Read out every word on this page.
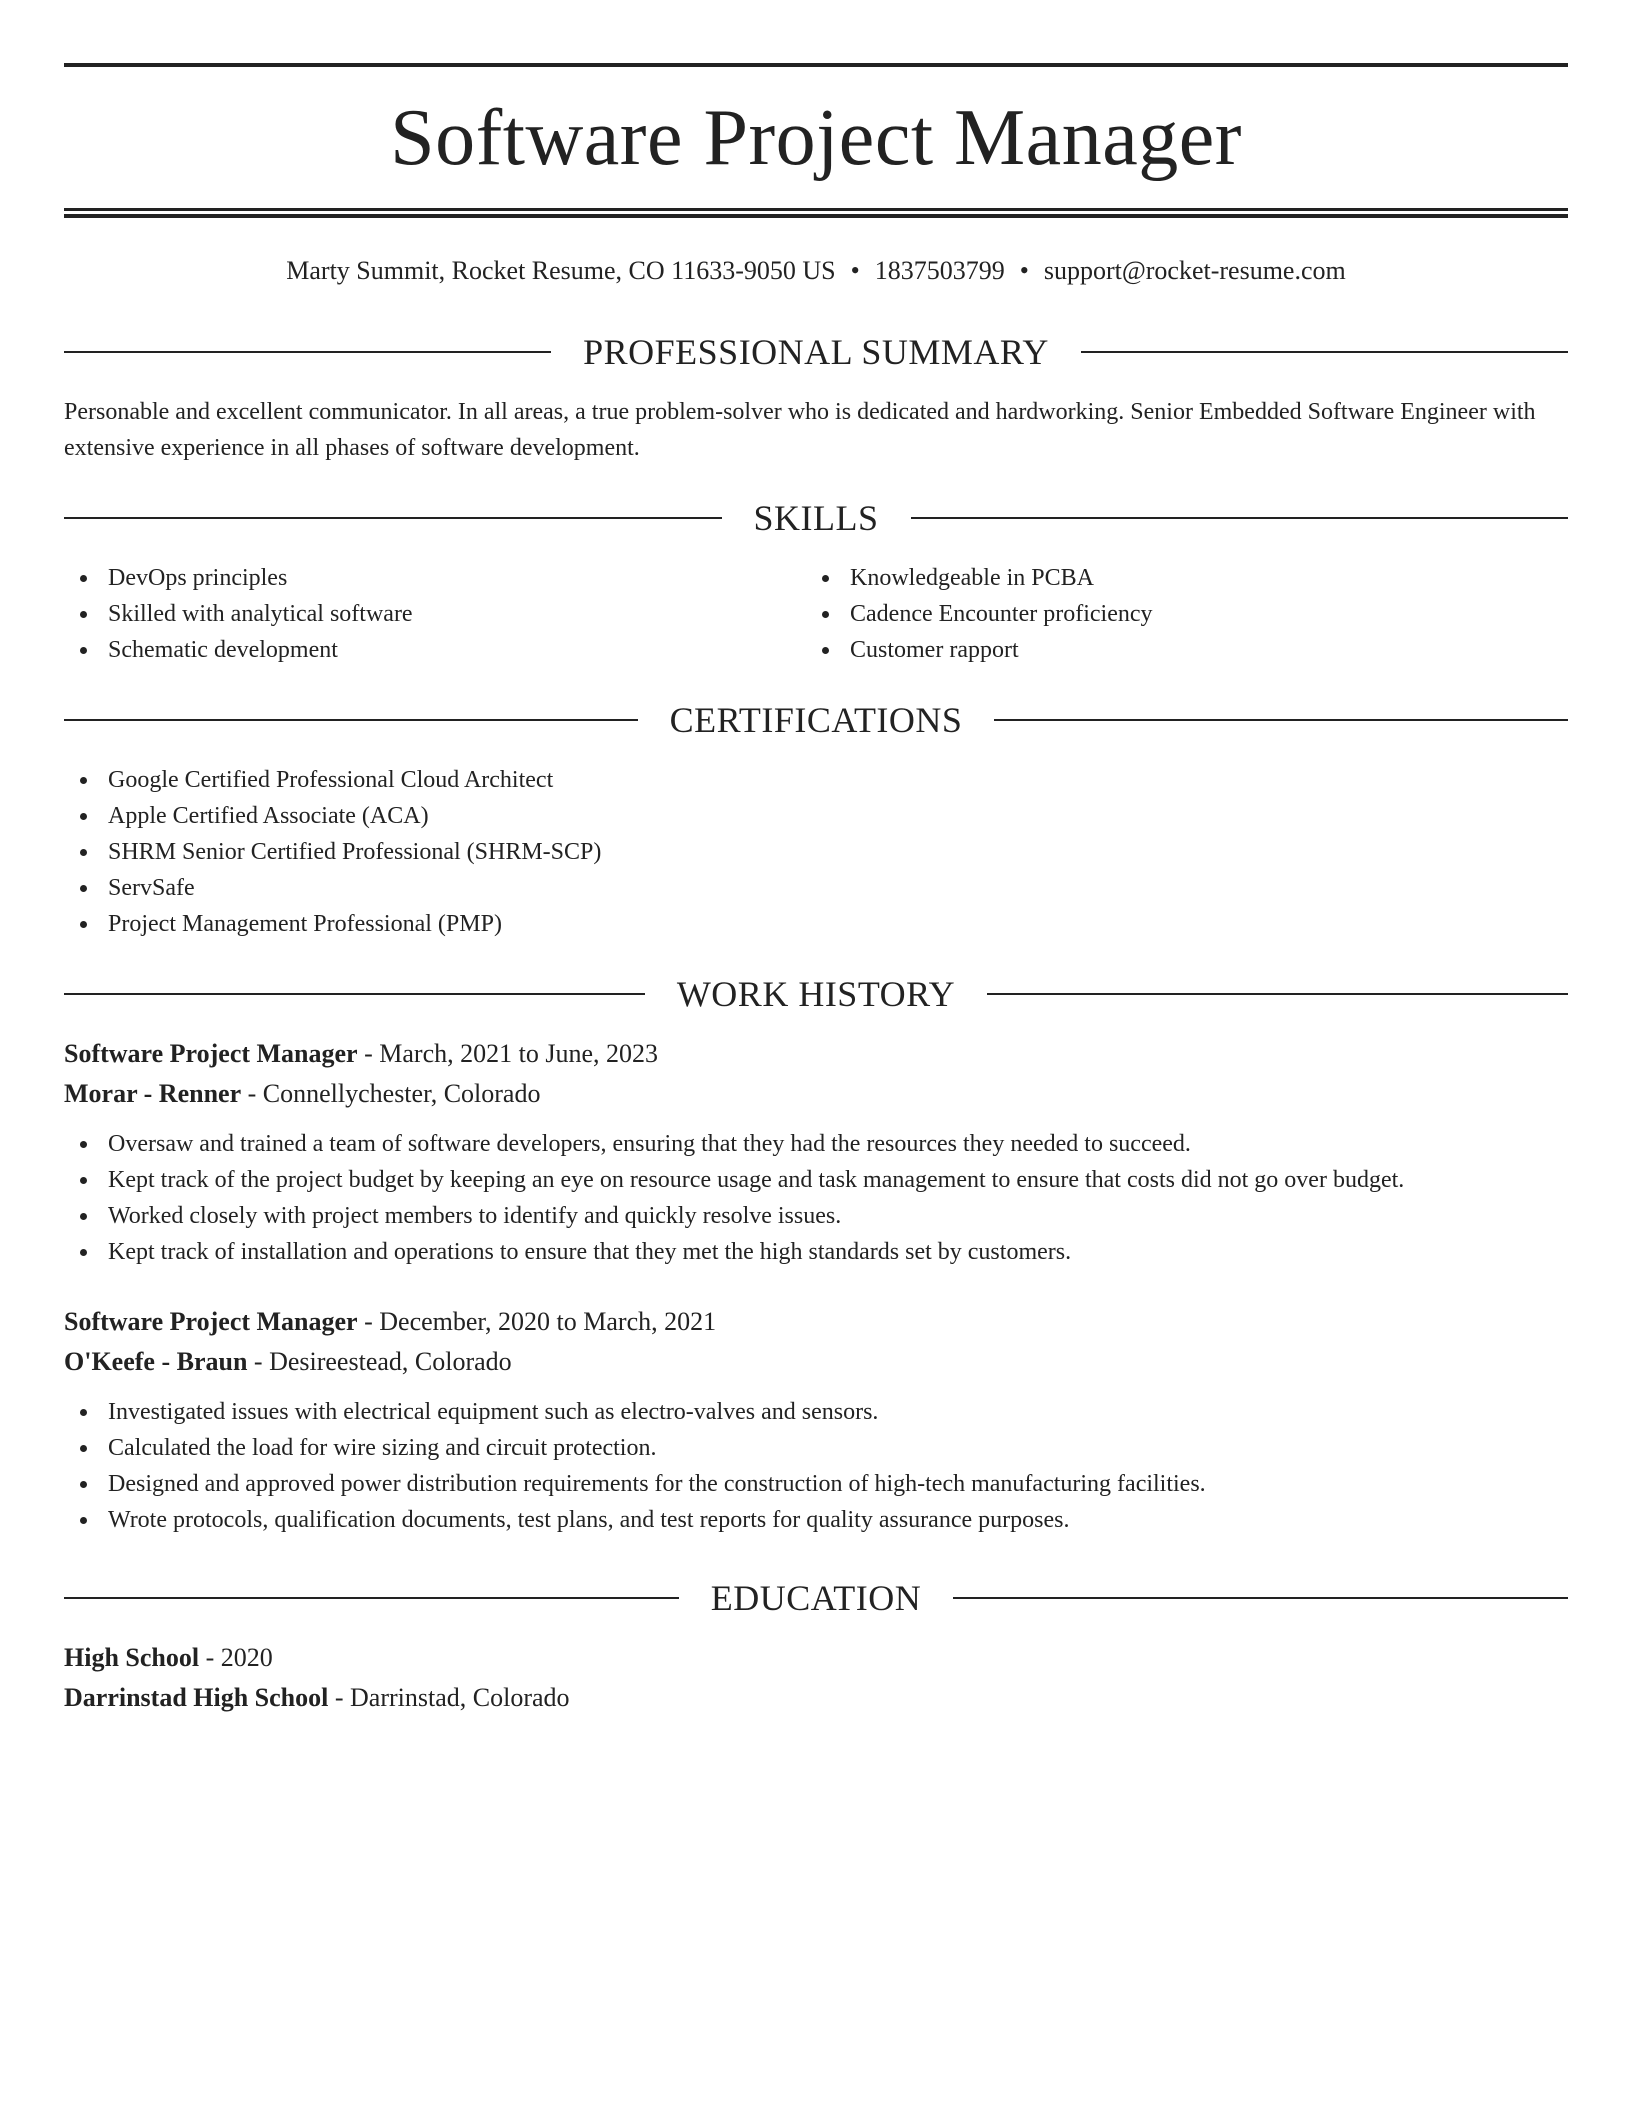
Software Project Manager
Marty Summit, Rocket Resume, CO 11633-9050 US • 1837503799 • support@rocket-resume.com
PROFESSIONAL SUMMARY

Personable and excellent communicator. In all areas, a true problem-solver who is dedicated and hardworking. Senior Embedded Software Engineer with extensive experience in all phases of software development.

SKILLS
DevOps principles
Skilled with analytical software
Schematic development
Knowledgeable in PCBA
Cadence Encounter proficiency
Customer rapport
CERTIFICATIONS
Google Certified Professional Cloud Architect
Apple Certified Associate (ACA)
SHRM Senior Certified Professional (SHRM-SCP)
ServSafe
Project Management Professional (PMP)
WORK HISTORY
Software Project Manager - March, 2021 to June, 2023
Morar - Renner - Connellychester, Colorado
Oversaw and trained a team of software developers, ensuring that they had the resources they needed to succeed.
Kept track of the project budget by keeping an eye on resource usage and task management to ensure that costs did not go over budget.
Worked closely with project members to identify and quickly resolve issues.
Kept track of installation and operations to ensure that they met the high standards set by customers.
Software Project Manager - December, 2020 to March, 2021
O'Keefe - Braun - Desireestead, Colorado
Investigated issues with electrical equipment such as electro-valves and sensors.
Calculated the load for wire sizing and circuit protection.
Designed and approved power distribution requirements for the construction of high-tech manufacturing facilities.
Wrote protocols, qualification documents, test plans, and test reports for quality assurance purposes.
EDUCATION
High School - 2020
Darrinstad High School - Darrinstad, Colorado
